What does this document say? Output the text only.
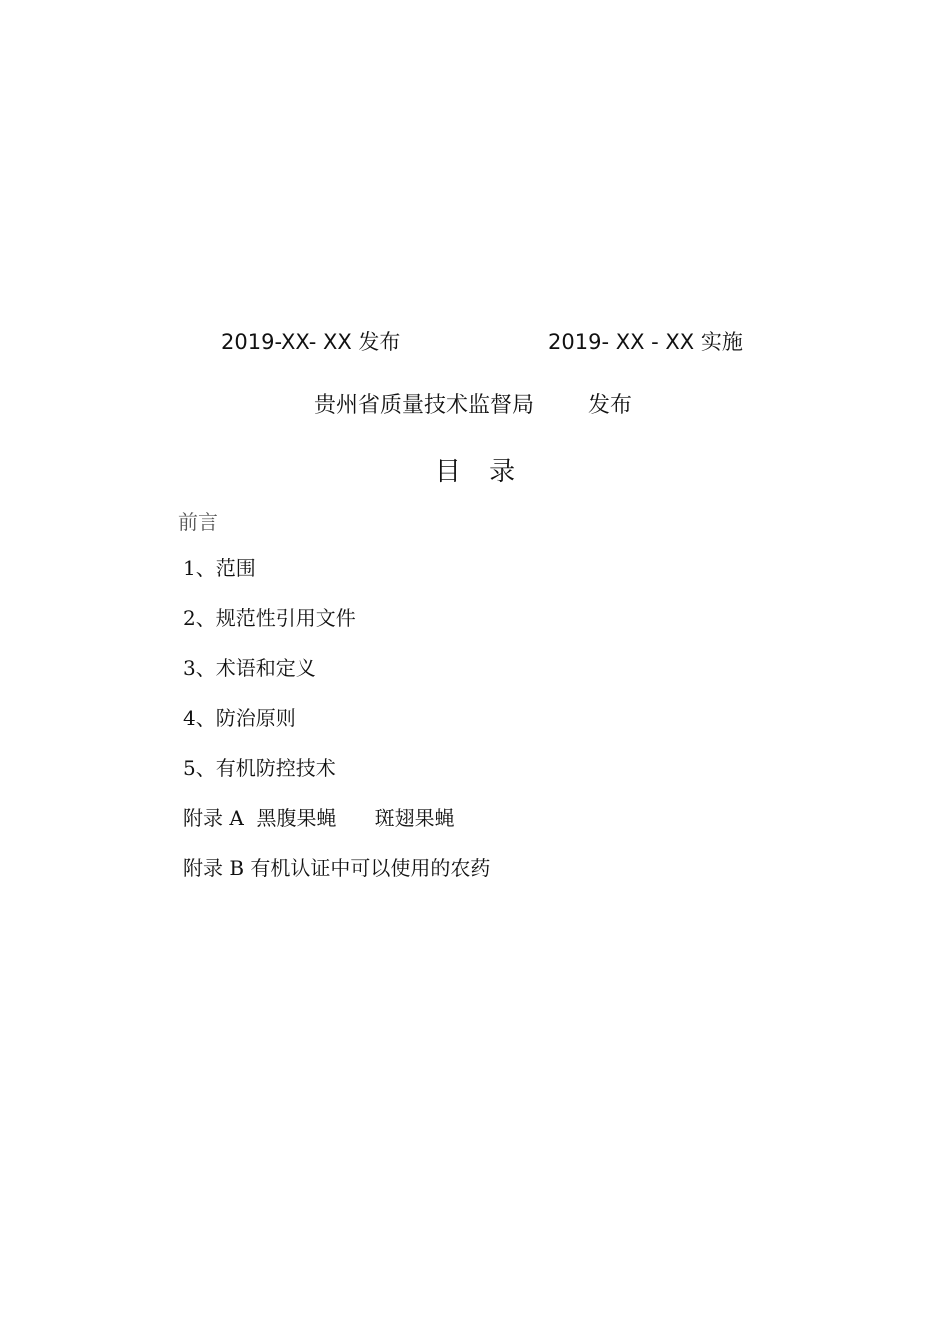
2019-XX- XX 发布	2019- XX - XX 实施
贵州省质量技术监督局 发布
目 录
前言
1、范围
2、规范性引用文件
3、术语和定义
4、防治原则
5、有机防控技术
附录 A  黑腹果蝇      斑翅果蝇
附录 B 有机认证中可以使用的农药
